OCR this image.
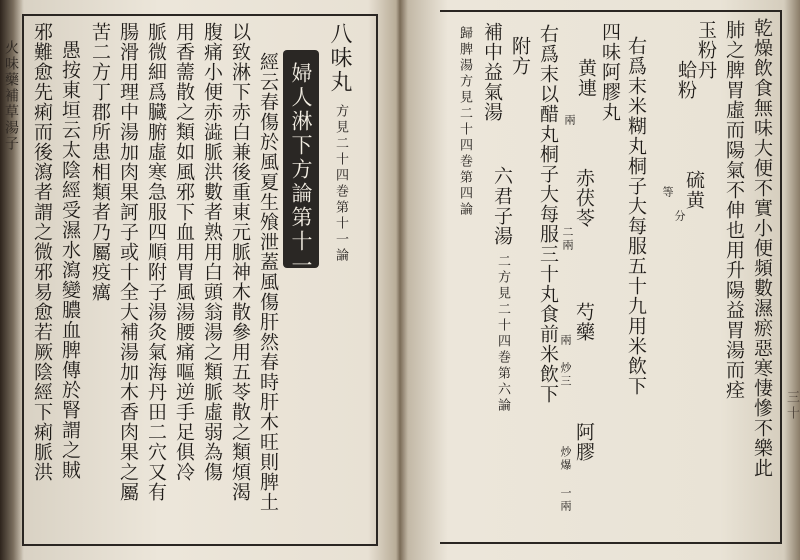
火味藥補草湯子	八味丸
方見二十四巻第十一論
婦人淋下方論第十一
經云春傷於風夏生飧泄蓋風傷肝然春時肝木旺則脾土
以致淋下赤白兼後重東元脈神木散參用五苓散之類煩渴
腹痛小便赤澁脈洪數者熟用白頭翁湯之類脈虛弱為傷
用香薷散之類如風邪下血用胃風湯腰痛嘔逆手足俱冷
脈微細爲臓腑虛寒急服四順附子湯灸氣海丹田二穴又有
腸滑用理中湯加肉果訶子或十全大補湯加木香肉果之屬
苦二方丁郡所患相類者乃屬疫癘
愚按東垣云太陰經受濕水瀉變膿血脾傳於腎謂之賊
邪難愈先痢而後瀉者謂之微邪易愈若厥陰經下痢脈洪	三十
乾燥飲食無味大便不實小便頻數濕瘀惡寒悽慘不樂此
肺之脾胃虛而陽氣不伸也用升陽益胃湯而痊
玉粉丹
蛤粉
等 硫黄
分
右爲末米糊丸桐子大每服五十九用米飲下
四味阿膠丸
黄連
兩
赤茯苓
二兩
芍藥
兩 炒三
阿膠
炒爆 一兩
右爲末以醋丸桐子大每服三十丸食前米飲下
附方
補中益氣湯
六君子湯
二方見二十四巻第六論
歸脾湯方見二十四巻第四論
